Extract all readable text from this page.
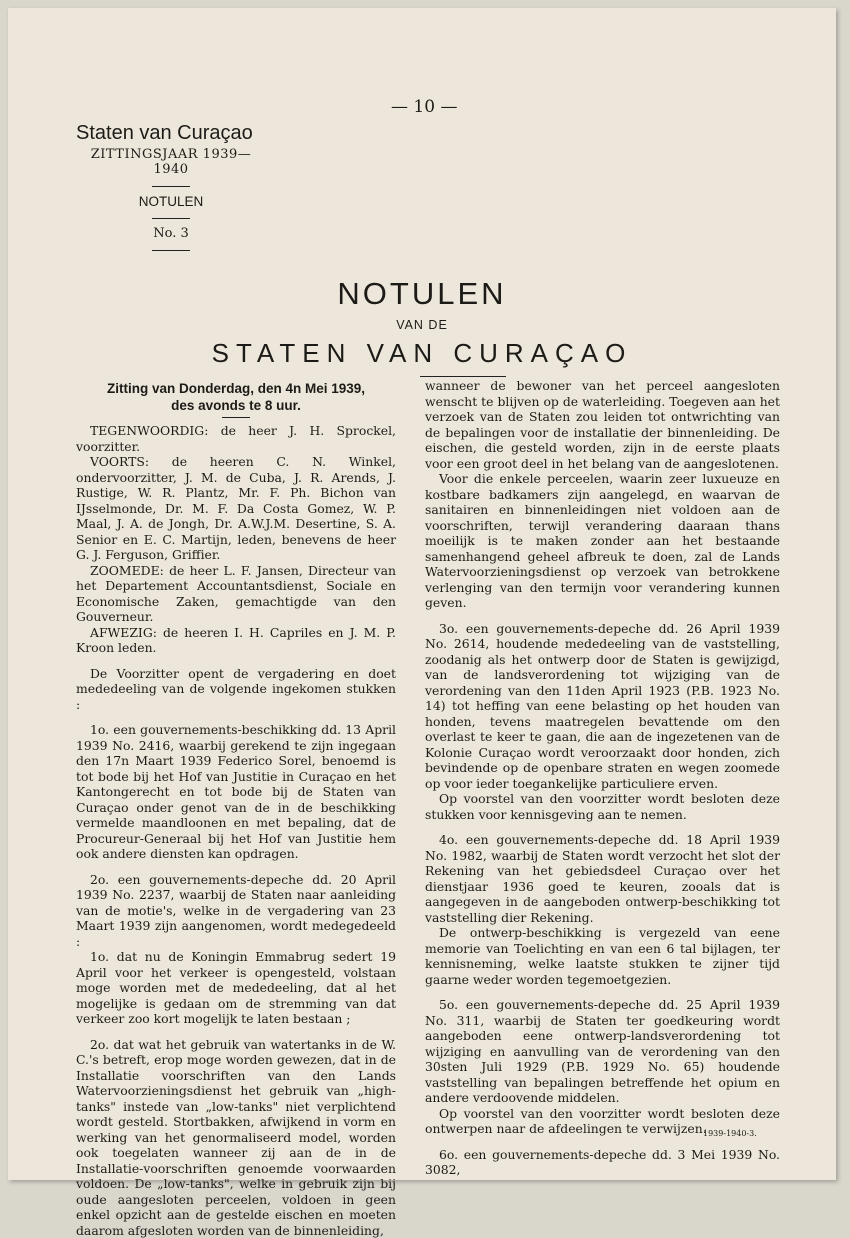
— 10 —
Staten van Curaçao
ZITTINGSJAAR 1939—1940
NOTULEN
No. 3
NOTULEN
VAN DE
STATEN VAN CURAÇAO
Zitting van Donderdag, den 4n Mei 1939,
des avonds te 8 uur.

TEGENWOORDIG: de heer J. H. Sprockel, voorzitter.

VOORTS: de heeren C. N. Winkel, ondervoorzitter, J. M. de Cuba, J. R. Arends, J. Rustige, W. R. Plantz, Mr. F. Ph. Bichon van IJsselmonde, Dr. M. F. Da Costa Gomez, W. P. Maal, J. A. de Jongh, Dr. A.W.J.M. Desertine, S. A. Senior en E. C. Martijn, leden, benevens de heer G. J. Ferguson, Griffier.

ZOOMEDE: de heer L. F. Jansen, Directeur van het Departement Accountantsdienst, Sociale en Economische Zaken, gemachtigde van den Gouverneur.

AFWEZIG: de heeren I. H. Capriles en J. M. P. Kroon leden.

De Voorzitter opent de vergadering en doet mededeeling van de volgende ingekomen stukken :

1o. een gouvernements-beschikking dd. 13 April 1939 No. 2416, waarbij gerekend te zijn ingegaan den 17n Maart 1939 Federico Sorel, benoemd is tot bode bij het Hof van Justitie in Curaçao en het Kantongerecht en tot bode bij de Staten van Curaçao onder genot van de in de beschikking vermelde maandloonen en met bepaling, dat de Procureur-Generaal bij het Hof van Justitie hem ook andere diensten kan opdragen.

2o. een gouvernements-depeche dd. 20 April 1939 No. 2237, waarbij de Staten naar aanleiding van de motie's, welke in de vergadering van 23 Maart 1939 zijn aangenomen, wordt medegedeeld :

1o. dat nu de Koningin Emmabrug sedert 19 April voor het verkeer is opengesteld, volstaan moge worden met de mededeeling, dat al het mogelijke is gedaan om de stremming van dat verkeer zoo kort mogelijk te laten bestaan ;

2o. dat wat het gebruik van watertanks in de W. C.'s betreft, erop moge worden gewezen, dat in de Installatie voorschriften van den Lands Watervoorzieningsdienst het gebruik van „high-tanks" instede van „low-tanks" niet verplichtend wordt gesteld. Stortbakken, afwijkend in vorm en werking van het genormaliseerd model, worden ook toegelaten wanneer zij aan de in de Installatie-voorschriften genoemde voorwaarden voldoen. De „low-tanks", welke in gebruik zijn bij oude aangesloten perceelen, voldoen in geen enkel opzicht aan de gestelde eischen en moeten daarom afgesloten worden van de binnenleiding,

wanneer de bewoner van het perceel aangesloten wenscht te blijven op de waterleiding. Toegeven aan het verzoek van de Staten zou leiden tot ontwrichting van de bepalingen voor de installatie der binnenleiding. De eischen, die gesteld worden, zijn in de eerste plaats voor een groot deel in het belang van de aangeslotenen.

Voor die enkele perceelen, waarin zeer luxueuze en kostbare badkamers zijn aangelegd, en waarvan de sanitairen en binnenleidingen niet voldoen aan de voorschriften, terwijl verandering daaraan thans moeilijk is te maken zonder aan het bestaande samenhangend geheel afbreuk te doen, zal de Lands Watervoorzieningsdienst op verzoek van betrokkene verlenging van den termijn voor verandering kunnen geven.

3o. een gouvernements-depeche dd. 26 April 1939 No. 2614, houdende mededeeling van de vaststelling, zoodanig als het ontwerp door de Staten is gewijzigd, van de landsverordening tot wijziging van de verordening van den 11den April 1923 (P.B. 1923 No. 14) tot heffing van eene belasting op het houden van honden, tevens maatregelen bevattende om den overlast te keer te gaan, die aan de ingezetenen van de Kolonie Curaçao wordt veroorzaakt door honden, zich bevindende op de openbare straten en wegen zoomede op voor ieder toegankelijke particuliere erven.

Op voorstel van den voorzitter wordt besloten deze stukken voor kennisgeving aan te nemen.

4o. een gouvernements-depeche dd. 18 April 1939 No. 1982, waarbij de Staten wordt verzocht het slot der Rekening van het gebiedsdeel Curaçao over het dienstjaar 1936 goed te keuren, zooals dat is aangegeven in de aangeboden ontwerp-beschikking tot vaststelling dier Rekening.

De ontwerp-beschikking is vergezeld van eene memorie van Toelichting en van een 6 tal bijlagen, ter kennisneming, welke laatste stukken te zijner tijd gaarne weder worden tegemoetgezien.

5o. een gouvernements-depeche dd. 25 April 1939 No. 311, waarbij de Staten ter goedkeuring wordt aangeboden eene ontwerp-landsverordening tot wijziging en aanvulling van de verordening van den 30sten Juli 1929 (P.B. 1929 No. 65) houdende vaststelling van bepalingen betreffende het opium en andere verdoovende middelen.

Op voorstel van den voorzitter wordt besloten deze ontwerpen naar de afdeelingen te verwijzen.

6o. een gouvernements-depeche dd. 3 Mei 1939 No. 3082,

1939-1940-3.
